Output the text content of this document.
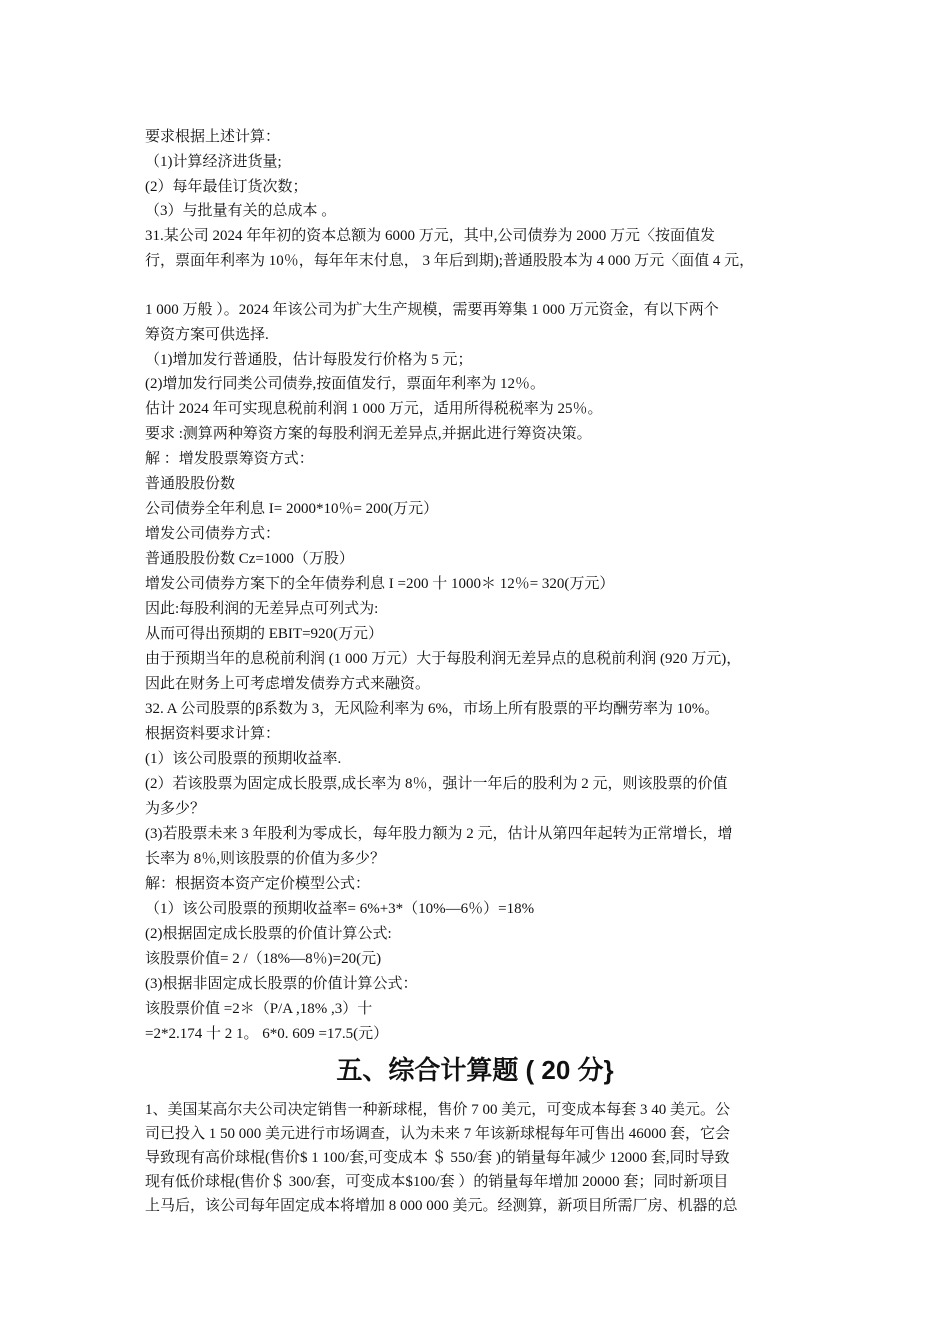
要求根据上述计算：
（1)计算经济进货量;
(2）每年最佳订货次数；
（3）与批量有关的总成本 。
31.某公司 2024 年年初的资本总额为 6000 万元，其中,公司债券为 2000 万元〈按面值发
行，票面年利率为 10％，每年年末付息， 3 年后到期);普通股股本为 4 000 万元〈面值 4 元，
1 000 万般 ）。2024 年该公司为扩大生产规模，需要再筹集 1 000 万元资金，有以下两个
筹资方案可供选择.
（1)增加发行普通股，估计每股发行价格为 5 元；
(2)增加发行同类公司债券,按面值发行，票面年利率为 12％。
估计 2024 年可实现息税前利润 1 000 万元，适用所得税税率为 25％。
要求 :测算两种筹资方案的每股利润无差异点,并据此进行筹资决策。
解 ：增发股票筹资方式：
普通股股份数
公司债券全年利息 I= 2000*10％= 200(万元）
增发公司债券方式：
普通股股份数 Cz=1000（万股）
增发公司债券方案下的全年债券利息 I =200 十 1000＊ 12％= 320(万元）
因此:每股利润的无差异点可列式为:
从而可得出预期的 EBIT=920(万元）
由于预期当年的息税前利润 (1 000 万元）大于每股利润无差异点的息税前利润 (920 万元)，
因此在财务上可考虑增发债券方式来融资。
32. A 公司股票的β系数为 3，无风险利率为 6%，市场上所有股票的平均酬劳率为 10%。
根据资料要求计算：
(1）该公司股票的预期收益率.
(2）若该股票为固定成长股票,成长率为 8％，强计一年后的股利为 2 元，则该股票的价值
为多少？
(3)若股票未来 3 年股利为零成长，每年股力额为 2 元，估计从第四年起转为正常增长，增
长率为 8％,则该股票的价值为多少？
解：根据资本资产定价模型公式：
（1）该公司股票的预期收益率= 6%+3*（10%—6％）=18%
(2)根据固定成长股票的价值计算公式:
该股票价值= 2 /（18%—8％)=20(元)
(3)根据非固定成长股票的价值计算公式：
该股票价值 =2＊（P/A ,18% ,3）十
=2*2.174 十 2 1。 6*0. 609 =17.5(元）
五、综合计算题 ( 20 分}
1、美国某高尔夫公司决定销售一种新球棍，售价 7 00 美元，可变成本每套 3 40 美元。公
司已投入 1 50 000 美元进行市场调查，认为未来 7 年该新球棍每年可售出 46000 套，它会
导致现有高价球棍(售价$ 1 100/套,可变成本 ＄ 550/套 )的销量每年减少 12000 套,同时导致
现有低价球棍(售价＄ 300/套，可变成本$100/套 ）的销量每年增加 20000 套；同时新项目
上马后，该公司每年固定成本将增加 8 000 000 美元。经测算，新项目所需厂房、机器的总
